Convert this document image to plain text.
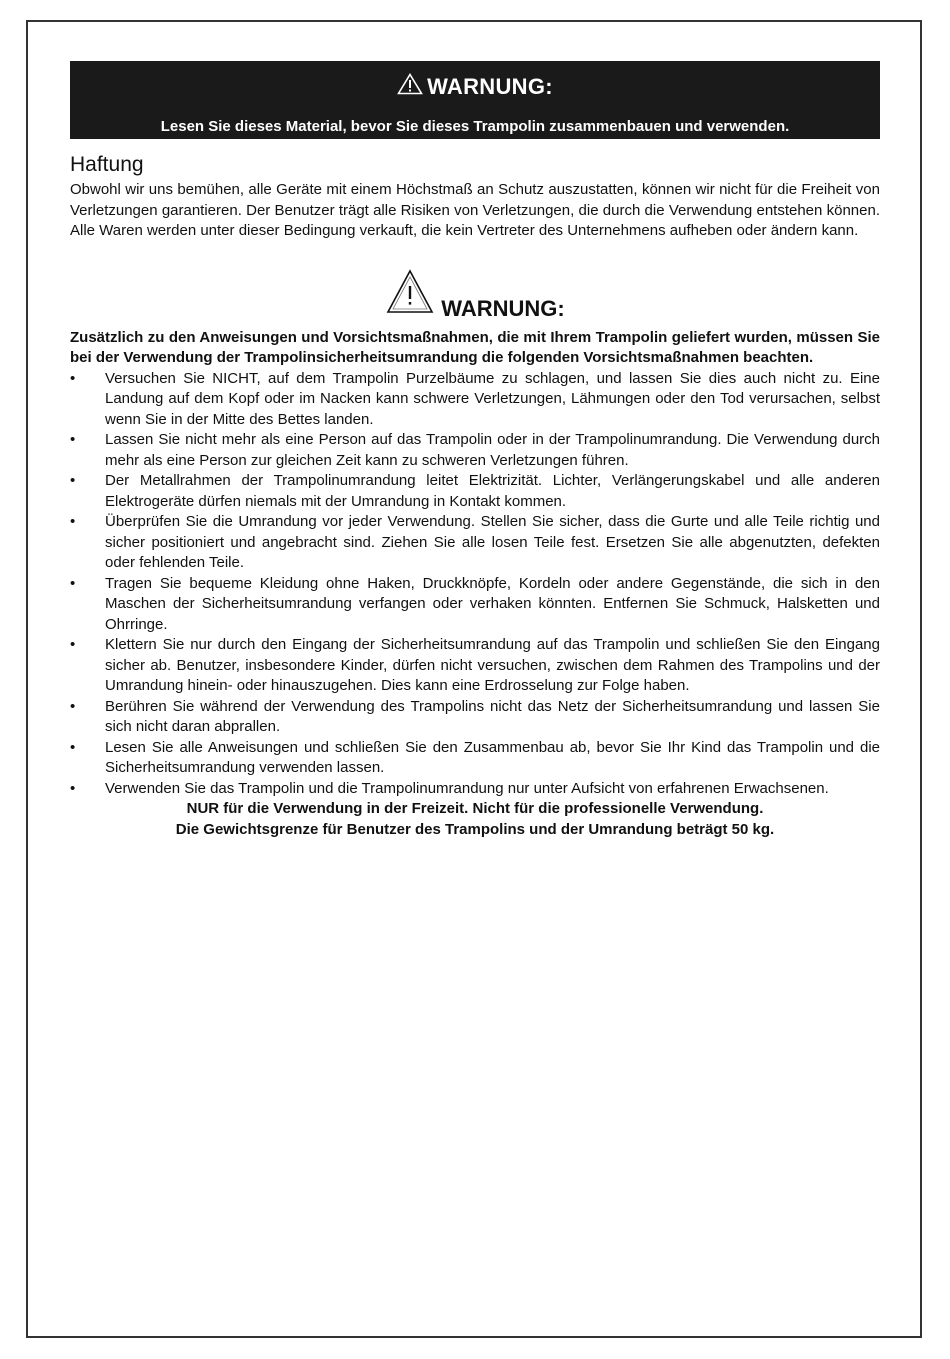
WARNUNG:
Lesen Sie dieses Material, bevor Sie dieses Trampolin zusammenbauen und verwenden.
Haftung

Obwohl wir uns bemühen, alle Geräte mit einem Höchstmaß an Schutz auszustatten, können wir nicht für die Freiheit von Verletzungen garantieren. Der Benutzer trägt alle Risiken von Verletzungen, die durch die Verwendung entstehen können. Alle Waren werden unter dieser Bedingung verkauft, die kein Vertreter des Unternehmens aufheben oder ändern kann.

WARNUNG:

Zusätzlich zu den Anweisungen und Vorsichtsmaßnahmen, die mit Ihrem Trampolin geliefert wurden, müssen Sie bei der Verwendung der Trampolinsicherheitsumrandung die folgenden Vorsichtsmaßnahmen beachten.

• Versuchen Sie NICHT, auf dem Trampolin Purzelbäume zu schlagen, und lassen Sie dies auch nicht zu. Eine Landung auf dem Kopf oder im Nacken kann schwere Verletzungen, Lähmungen oder den Tod verursachen, selbst wenn Sie in der Mitte des Bettes landen.
• Lassen Sie nicht mehr als eine Person auf das Trampolin oder in der Trampolinumrandung. Die Verwendung durch mehr als eine Person zur gleichen Zeit kann zu schweren Verletzungen führen.
• Der Metallrahmen der Trampolinumrandung leitet Elektrizität. Lichter, Verlängerungskabel und alle anderen Elektrogeräte dürfen niemals mit der Umrandung in Kontakt kommen.
• Überprüfen Sie die Umrandung vor jeder Verwendung. Stellen Sie sicher, dass die Gurte und alle Teile richtig und sicher positioniert und angebracht sind. Ziehen Sie alle losen Teile fest. Ersetzen Sie alle abgenutzten, defekten oder fehlenden Teile.
• Tragen Sie bequeme Kleidung ohne Haken, Druckknöpfe, Kordeln oder andere Gegenstände, die sich in den Maschen der Sicherheitsumrandung verfangen oder verhaken könnten. Entfernen Sie Schmuck, Halsketten und Ohrringe.
• Klettern Sie nur durch den Eingang der Sicherheitsumrandung auf das Trampolin und schließen Sie den Eingang sicher ab. Benutzer, insbesondere Kinder, dürfen nicht versuchen, zwischen dem Rahmen des Trampolins und der Umrandung hinein- oder hinauszugehen. Dies kann eine Erdrosselung zur Folge haben.
• Berühren Sie während der Verwendung des Trampolins nicht das Netz der Sicherheitsumrandung und lassen Sie sich nicht daran abprallen.
• Lesen Sie alle Anweisungen und schließen Sie den Zusammenbau ab, bevor Sie Ihr Kind das Trampolin und die Sicherheitsumrandung verwenden lassen.
• Verwenden Sie das Trampolin und die Trampolinumrandung nur unter Aufsicht von erfahrenen Erwachsenen.
NUR für die Verwendung in der Freizeit. Nicht für die professionelle Verwendung.
Die Gewichtsgrenze für Benutzer des Trampolins und der Umrandung beträgt 50 kg.
